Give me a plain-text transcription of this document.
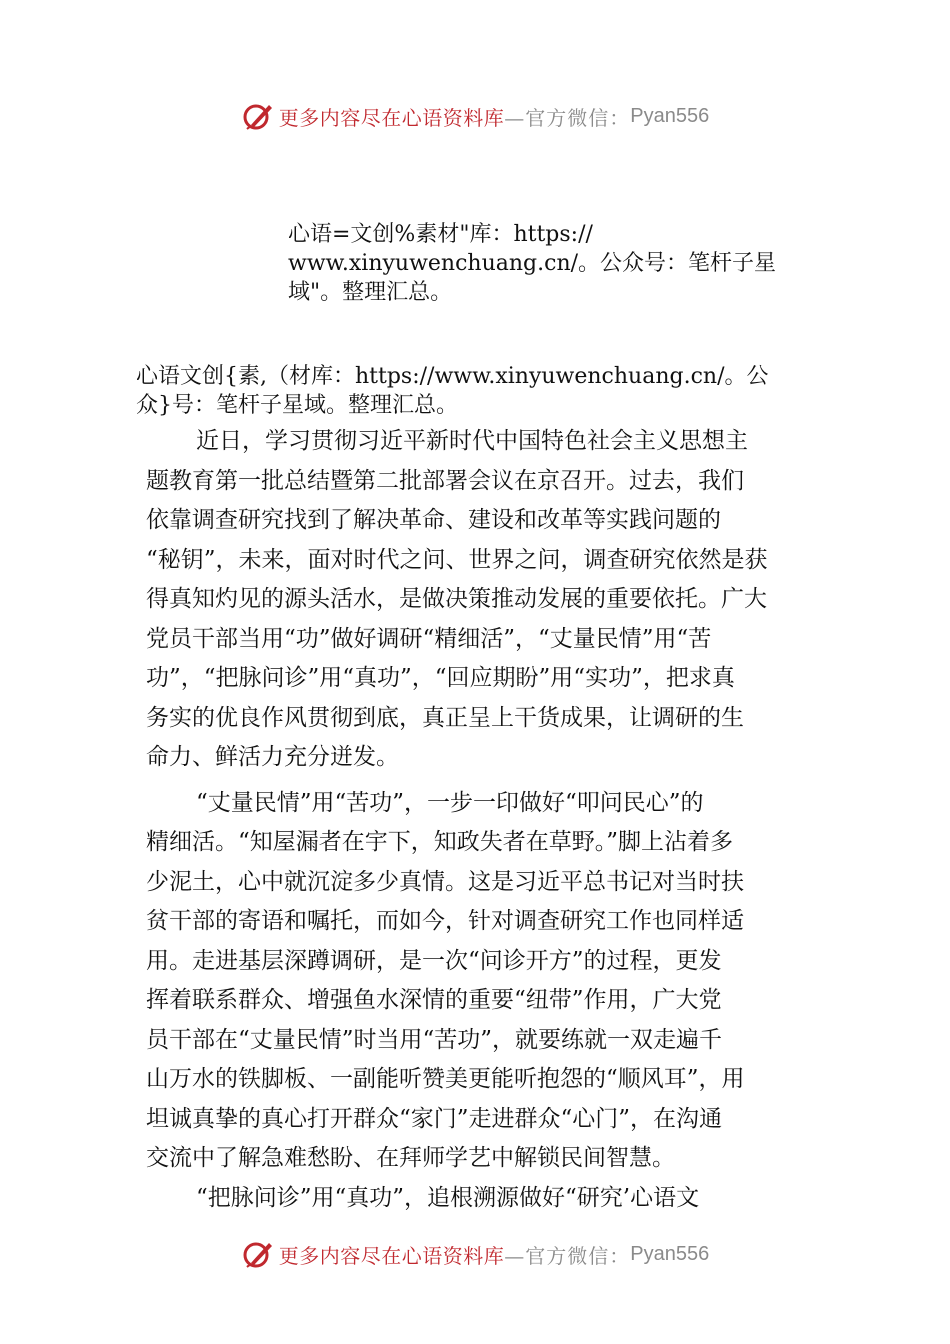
更多内容尽在心语资料库 —官方微信： Pyan556
心语=文创%素材"库：https://
www.xinyuwenchuang.cn/。公众号：笔杆子星
域"。整理汇总。
心语文创{素,（材库：https://www.xinyuwenchuang.cn/。公
众}号：笔杆子星域。整理汇总。
近日，学习贯彻习近平新时代中国特色社会主义思想主
题教育第一批总结暨第二批部署会议在京召开。过去，我们
依靠调查研究找到了解决革命、建设和改革等实践问题的
“秘钥”，未来，面对时代之问、世界之问，调查研究依然是获
得真知灼见的源头活水，是做决策推动发展的重要依托。广大
党员干部当用“功”做好调研“精细活”，“丈量民情”用“苦
功”，“把脉问诊”用“真功”，“回应期盼”用“实功”，把求真
务实的优良作风贯彻到底，真正呈上干货成果，让调研的生
命力、鲜活力充分迸发。
“丈量民情”用“苦功”，一步一印做好“叩问民心”的
精细活。“知屋漏者在宇下，知政失者在草野。”脚上沾着多
少泥土，心中就沉淀多少真情。这是习近平总书记对当时扶
贫干部的寄语和嘱托，而如今，针对调查研究工作也同样适
用。走进基层深蹲调研，是一次“问诊开方”的过程，更发
挥着联系群众、增强鱼水深情的重要“纽带”作用，广大党
员干部在“丈量民情”时当用“苦功”，就要练就一双走遍千
山万水的铁脚板、一副能听赞美更能听抱怨的“顺风耳”，用
坦诚真挚的真心打开群众“家门”走进群众“心门”，在沟通
交流中了解急难愁盼、在拜师学艺中解锁民间智慧。
“把脉问诊”用“真功”，追根溯源做好“研究’心语文
更多内容尽在心语资料库 —官方微信： Pyan556
